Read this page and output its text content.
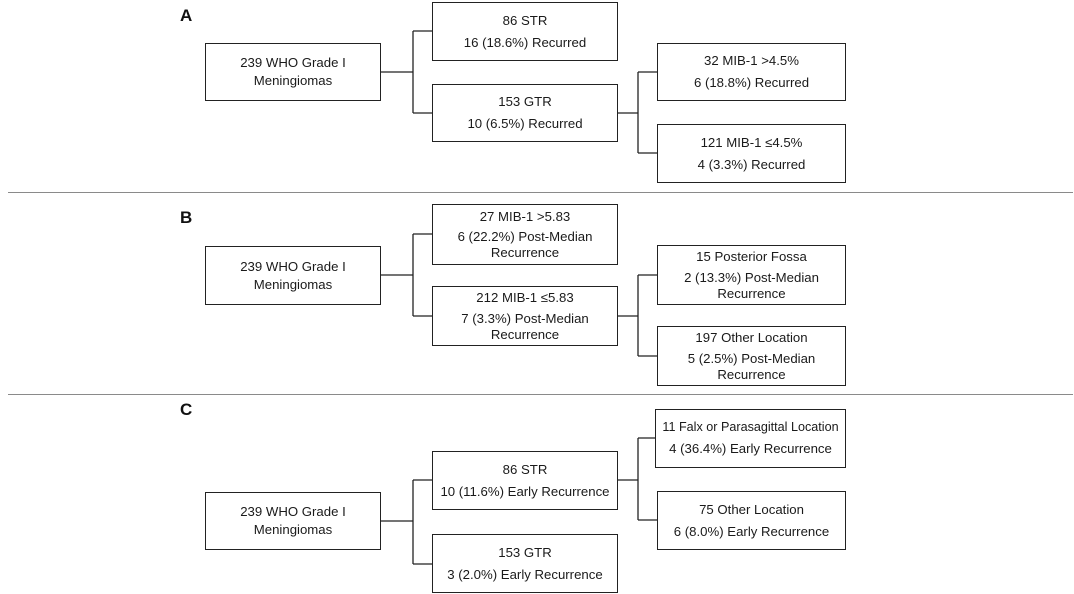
A
239 WHO Grade I
Meningiomas
86 STR
16 (18.6%) Recurred
153 GTR
10 (6.5%) Recurred
32 MIB-1 >4.5%
6 (18.8%) Recurred
121 MIB-1 ≤4.5%
4 (3.3%) Recurred
B
239 WHO Grade I
Meningiomas
27 MIB-1 >5.83
6 (22.2%) Post-Median Recurrence
212 MIB-1 ≤5.83
7 (3.3%) Post-Median Recurrence
15 Posterior Fossa
2 (13.3%) Post-Median Recurrence
197 Other Location
5 (2.5%) Post-Median Recurrence
C
239 WHO Grade I
Meningiomas
11 Falx or Parasagittal Location
4 (36.4%) Early Recurrence
86 STR
10 (11.6%) Early Recurrence
75 Other Location
6 (8.0%) Early Recurrence
153 GTR
3 (2.0%) Early Recurrence
